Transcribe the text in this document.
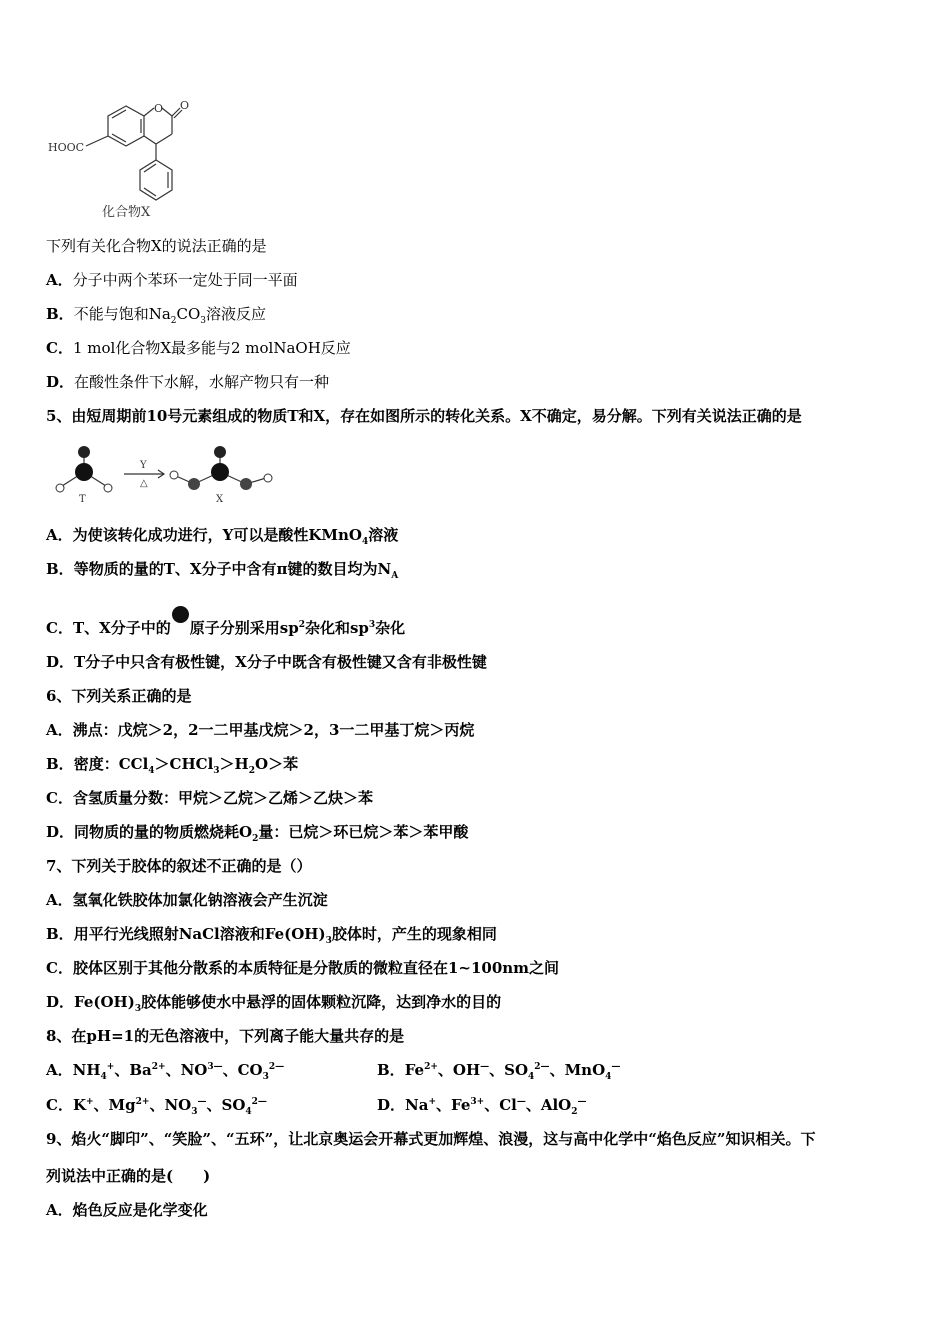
O O
HOOC
化合物X
下列有关化合物X的说法正确的是
A．分子中两个苯环一定处于同一平面
B．不能与饱和$Na_2CO_3$溶液反应
C．1 mol化合物X最多能与2 molNaOH反应
D．在酸性条件下水解，水解产物只有一种
5、由短周期前10号元素组成的物质T和X，存在如图所示的转化关系。X不确定，易分解。下列有关说法正确的是
T	X
Y
△
A．为使该转化成功进行，Y可以是酸性KMnO$_4$溶液
B．等物质的量的T、X分子中含有π键的数目均为$N_A$
C．T、X分子中的 原子分别采用$sp^2$杂化和$sp^3$杂化
D．T分子中只含有极性键，X分子中既含有极性键又含有非极性键
6、下列关系正确的是
A．沸点：戊烷＞2，2一二甲基戊烷＞2，3一二甲基丁烷＞丙烷
B．密度：$CCl_4>CHCl_3>H_2O>$苯
C．含氢质量分数：甲烷＞乙烷＞乙烯＞乙炔＞苯
D．同物质的量的物质燃烧耗$O_2$量：已烷＞环已烷＞苯＞苯甲酸
7、下列关于胶体的叙述不正确的是（）
A．氢氧化铁胶体加氯化钠溶液会产生沉淀
B．用平行光线照射NaCl溶液和$Fe(OH)_3$胶体时，产生的现象相同
C．胶体区别于其他分散系的本质特征是分散质的微粒直径在1~100nm之间
D．$Fe(OH)_3$胶体能够使水中悬浮的固体颗粒沉降，达到净水的目的
8、在pH=1的无色溶液中，下列离子能大量共存的是
A．$NH_4^+$、$Ba^{2+}$、$NO^{3—}$、$CO_3^{2—}$	B．$Fe^{2+}$、OH—、$SO_4^{2—}$、MnO$_4$—
C．K+、$Mg^{2+}$、$NO_3^—$、$SO_4^{2—}$	D．Na+、$Fe^{3+}$、Cl—、AlO$_2$—
9、焰火“脚印”、“笑脸”、“五环”，让北京奥运会开幕式更加辉煌、浪漫，这与高中化学中“焰色反应”知识相关。下
列说法中正确的是(　　)
A．焰色反应是化学变化
